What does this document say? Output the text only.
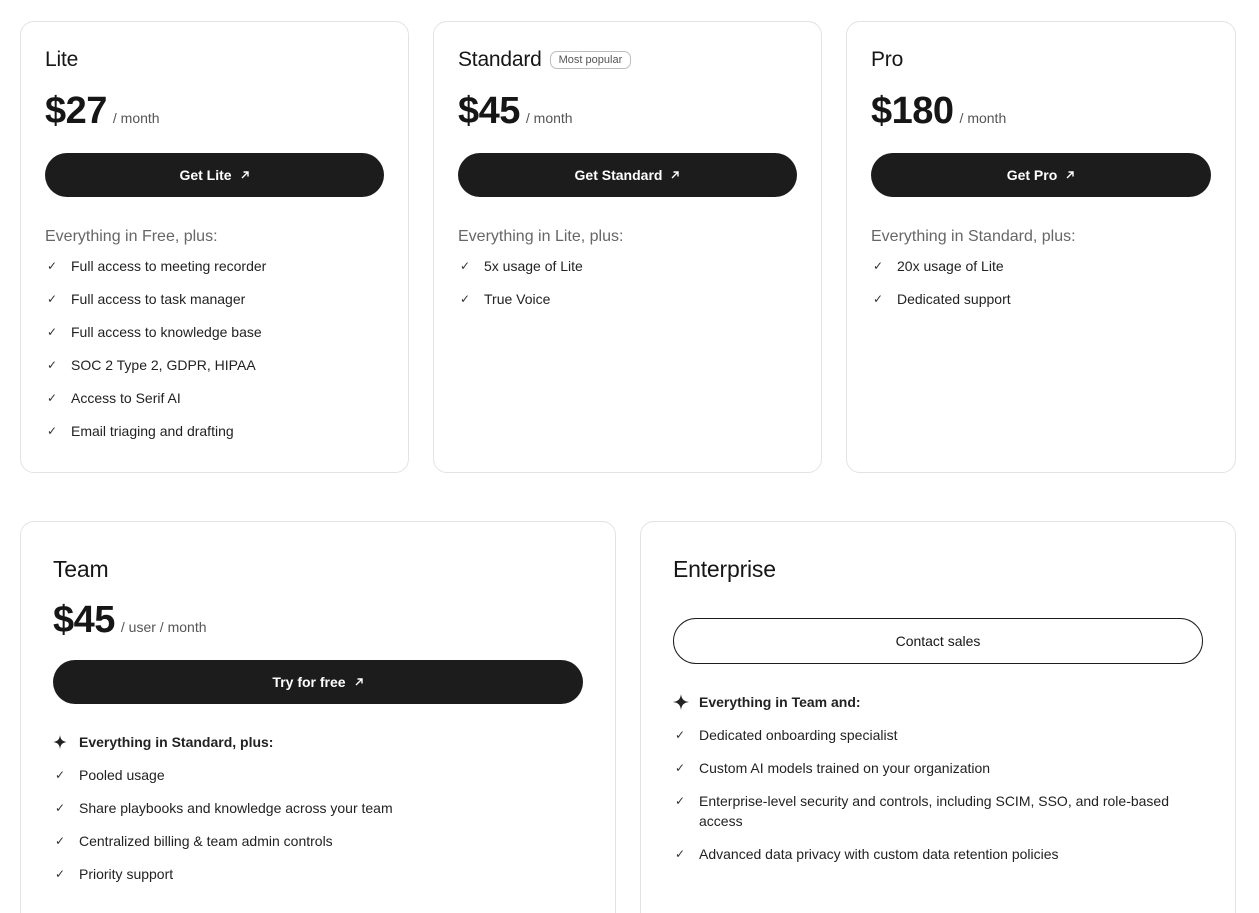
Lite
$27 / month
Get Lite
Everything in Free, plus:
✓ Full access to meeting recorder
✓ Full access to task manager
✓ Full access to knowledge base
✓ SOC 2 Type 2, GDPR, HIPAA
✓ Access to Serif AI
✓ Email triaging and drafting
Standard	Most popular
$45 / month
Get Standard
Everything in Lite, plus:
✓ 5x usage of Lite
✓ True Voice
Pro
$180 / month
Get Pro
Everything in Standard, plus:
✓ 20x usage of Lite
✓ Dedicated support
Team
$45 / user / month
Try for free
Everything in Standard, plus:
✓ Pooled usage
✓ Share playbooks and knowledge across your team
✓ Centralized billing & team admin controls
✓ Priority support
Enterprise
Contact sales
Everything in Team and:
✓ Dedicated onboarding specialist
✓ Custom AI models trained on your organization
✓ Enterprise-level security and controls, including SCIM, SSO, and role-based access
✓ Advanced data privacy with custom data retention policies
